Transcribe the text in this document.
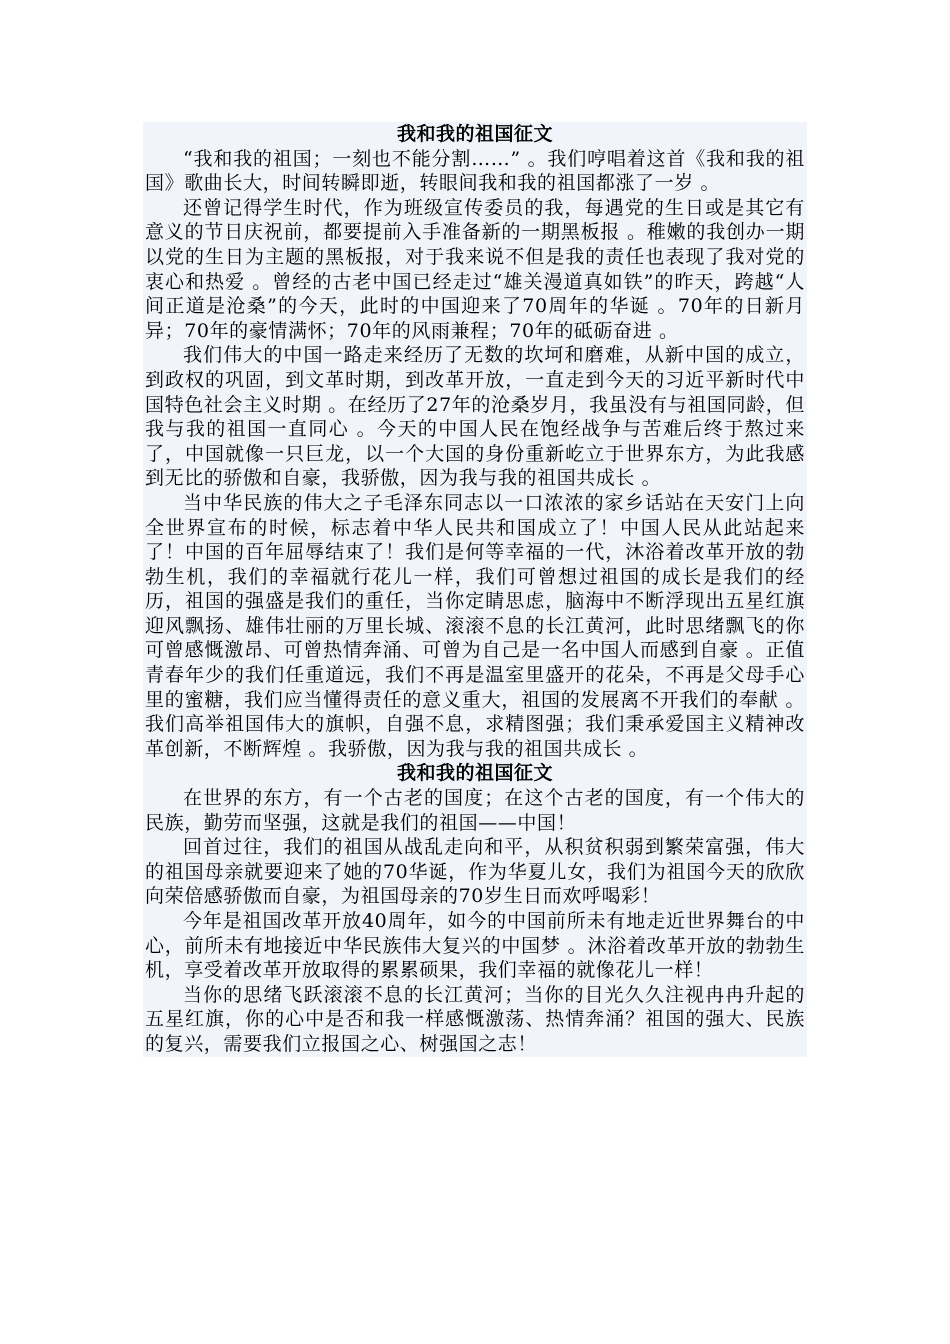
我和我的祖国征文

“我和我的祖国；一刻也不能分割……” 。我们哼唱着这首《我和我的祖国》歌曲长大，时间转瞬即逝，转眼间我和我的祖国都涨了一岁 。

还曾记得学生时代，作为班级宣传委员的我，每遇党的生日或是其它有意义的节日庆祝前，都要提前入手准备新的一期黑板报 。稚嫩的我创办一期以党的生日为主题的黑板报，对于我来说不但是我的责任也表现了我对党的衷心和热爱 。曾经的古老中国已经走过“雄关漫道真如铁”的昨天，跨越“人间正道是沧桑”的今天，此时的中国迎来了70周年的华诞 。70年的日新月异；70年的豪情满怀；70年的风雨兼程；70年的砥砺奋进 。

我们伟大的中国一路走来经历了无数的坎坷和磨难，从新中国的成立，到政权的巩固，到文革时期，到改革开放，一直走到今天的习近平新时代中国特色社会主义时期 。在经历了27年的沧桑岁月，我虽没有与祖国同龄，但我与我的祖国一直同心 。今天的中国人民在饱经战争与苦难后终于熬过来了，中国就像一只巨龙，以一个大国的身份重新屹立于世界东方，为此我感到无比的骄傲和自豪，我骄傲，因为我与我的祖国共成长 。

当中华民族的伟大之子毛泽东同志以一口浓浓的家乡话站在天安门上向全世界宣布的时候，标志着中华人民共和国成立了！中国人民从此站起来了！中国的百年屈辱结束了！我们是何等幸福的一代，沐浴着改革开放的勃勃生机，我们的幸福就行花儿一样，我们可曾想过祖国的成长是我们的经历，祖国的强盛是我们的重任，当你定睛思虑，脑海中不断浮现出五星红旗迎风飘扬、雄伟壮丽的万里长城、滚滚不息的长江黄河，此时思绪飘飞的你可曾感慨激昂、可曾热情奔涌、可曾为自己是一名中国人而感到自豪 。正值青春年少的我们任重道远，我们不再是温室里盛开的花朵，不再是父母手心里的蜜糖，我们应当懂得责任的意义重大，祖国的发展离不开我们的奉献 。我们高举祖国伟大的旗帜，自强不息，求精图强；我们秉承爱国主义精神改革创新，不断辉煌 。我骄傲，因为我与我的祖国共成长 。

我和我的祖国征文

在世界的东方，有一个古老的国度；在这个古老的国度，有一个伟大的民族，勤劳而坚强，这就是我们的祖国——中国！

回首过往，我们的祖国从战乱走向和平，从积贫积弱到繁荣富强，伟大的祖国母亲就要迎来了她的70华诞，作为华夏儿女，我们为祖国今天的欣欣向荣倍感骄傲而自豪，为祖国母亲的70岁生日而欢呼喝彩！

今年是祖国改革开放40周年，如今的中国前所未有地走近世界舞台的中心，前所未有地接近中华民族伟大复兴的中国梦 。沐浴着改革开放的勃勃生机，享受着改革开放取得的累累硕果，我们幸福的就像花儿一样！

当你的思绪飞跃滚滚不息的长江黄河；当你的目光久久注视冉冉升起的五星红旗，你的心中是否和我一样感慨激荡、热情奔涌？祖国的强大、民族的复兴，需要我们立报国之心、树强国之志！
